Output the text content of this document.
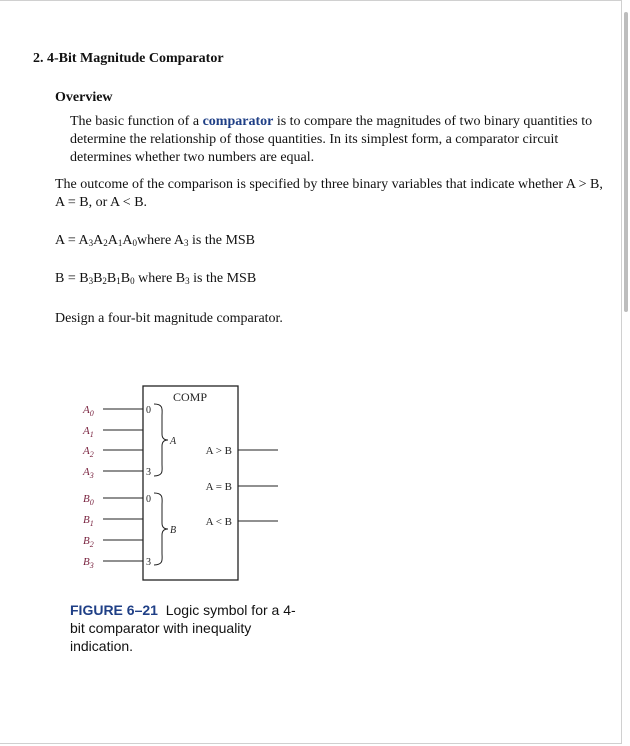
2. 4-Bit Magnitude Comparator
Overview
The basic function of a comparator is to compare the magnitudes of two binary quantities to determine the relationship of those quantities. In its simplest form, a comparator circuit determines whether two numbers are equal.
The outcome of the comparison is specified by three binary variables that indicate whether A > B, A = B, or A < B.
$A = A_3A_2A_1A_0where$ $A_3$ is the MSB
$B = B_3B_2B_1B_0$ where $B_3$ is the MSB
Design a four-bit magnitude comparator.
COMP
$A_0$
$A_1$
$A_2$
$A_3$
$B_0$
$B_1$
$B_2$
$B_3$
0
3
0
3
A
B
A > B
A = B
A < B
FIGURE 6–21 Logic symbol for a 4-bit comparator with inequality indication.
